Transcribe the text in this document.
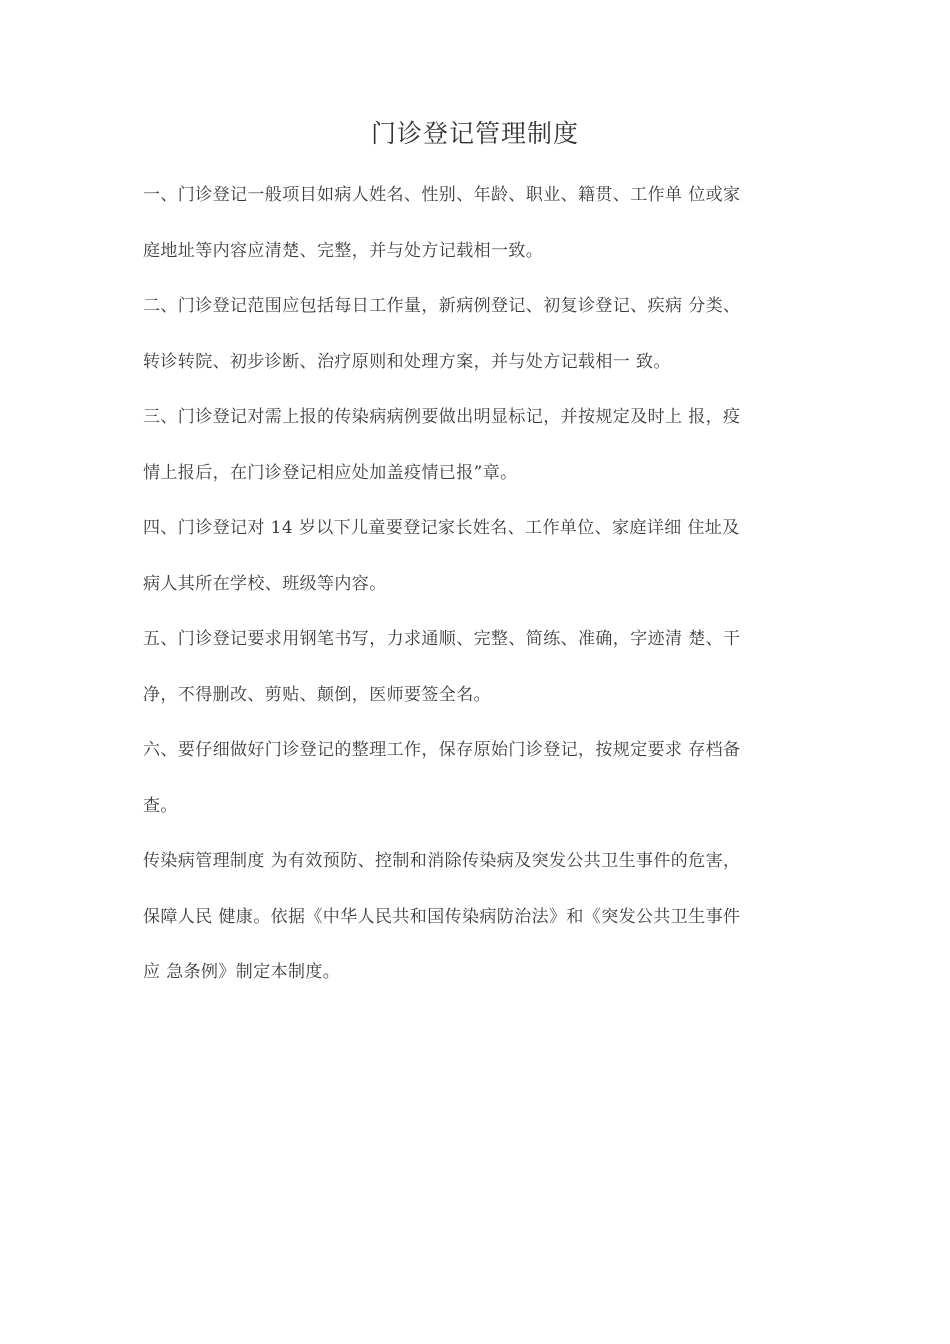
门诊登记管理制度
一、门诊登记一般项目如病人姓名、性别、年龄、职业、籍贯、工作单 位或家
庭地址等内容应清楚、完整，并与处方记载相一致。
二、门诊登记范围应包括每日工作量，新病例登记、初复诊登记、疾病 分类、
转诊转院、初步诊断、治疗原则和处理方案，并与处方记载相一 致。
三、门诊登记对需上报的传染病病例要做出明显标记，并按规定及时上 报，疫
情上报后，在门诊登记相应处加盖疫情已报”章。
四、门诊登记对 14 岁以下儿童要登记家长姓名、工作单位、家庭详细 住址及
病人其所在学校、班级等内容。
五、门诊登记要求用钢笔书写，力求通顺、完整、简练、准确，字迹清 楚、干
净，不得删改、剪贴、颠倒，医师要签全名。
六、要仔细做好门诊登记的整理工作，保存原始门诊登记，按规定要求 存档备
查。
传染病管理制度 为有效预防、控制和消除传染病及突发公共卫生事件的危害，
保障人民 健康。依据《中华人民共和国传染病防治法》和《突发公共卫生事件
应 急条例》制定本制度。
